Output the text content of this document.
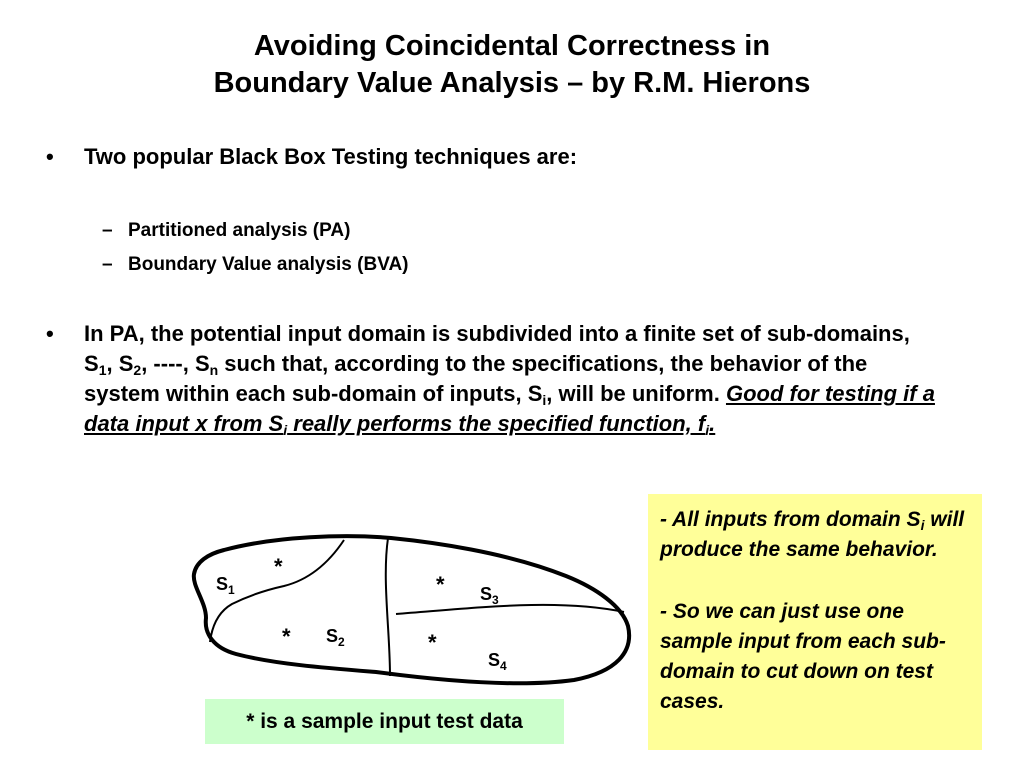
Avoiding Coincidental Correctness in
Boundary Value Analysis – by R.M. Hierons
• Two popular Black Box Testing techniques are:
– Partitioned analysis (PA)
– Boundary Value analysis (BVA)
• In PA, the potential input domain is subdivided into a finite set of sub-domains, $S_1$, $S_2$, ----, $S_n$ such that, according to the specifications, the behavior of the system within each sub-domain of inputs, $S_i$, will be uniform. Good for testing if a data input x from $S_i$ really performs the specified function, $f_i$.

- All inputs from domain $S_i$ will produce the same behavior.

- So we can just use one sample input from each sub-domain to cut down on test cases.

*
*
*	*
$S_1$
$S_2$
$S_3$
$S_4$
* is a sample input test data
